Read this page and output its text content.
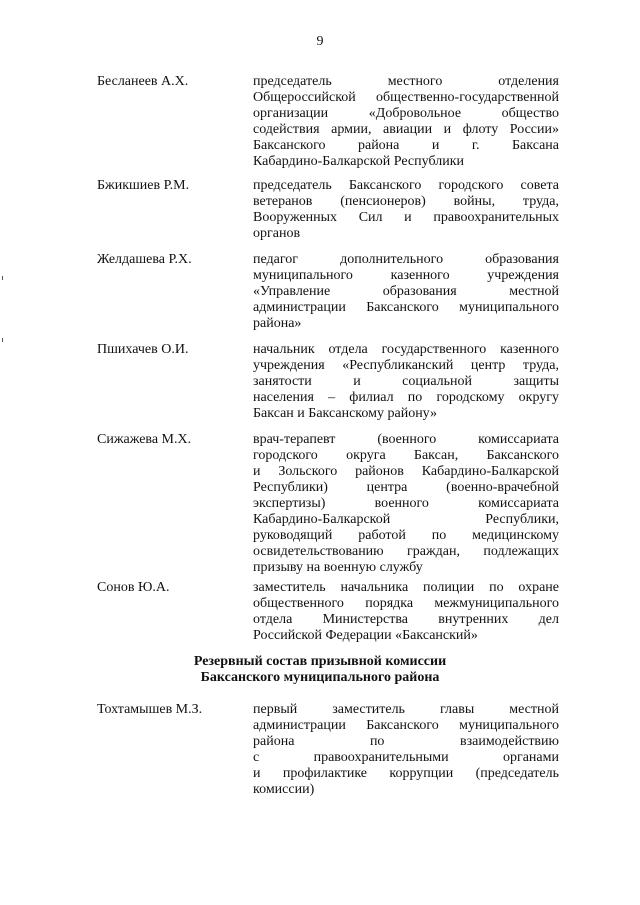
9
Бесланеев А.Х.	председатель местного отделения
Общероссийской общественно-государственной
организации «Добровольное общество
содействия армии, авиации и флоту России»
Баксанского района и г. Баксана
Кабардино-Балкарской Республики
Бжикшиев Р.М.	председатель Баксанского городского совета
ветеранов (пенсионеров) войны, труда,
Вооруженных Сил и правоохранительных
органов
Желдашева Р.Х.	педагог дополнительного образования
муниципального казенного учреждения
«Управление образования местной
администрации Баксанского муниципального
района»
Пшихачев О.И.	начальник отдела государственного казенного
учреждения «Республиканский центр труда,
занятости и социальной защиты
населения – филиал по городскому округу
Баксан и Баксанскому району»
Сижажева М.Х.	врач-терапевт (военного комиссариата
городского округа Баксан, Баксанского
и Зольского районов Кабардино-Балкарской
Республики) центра (военно-врачебной
экспертизы) военного комиссариата
Кабардино-Балкарской Республики,
руководящий работой по медицинскому
освидетельствованию граждан, подлежащих
призыву на военную службу
Сонов Ю.А.	заместитель начальника полиции по охране
общественного порядка межмуниципального
отдела Министерства внутренних дел
Российской Федерации «Баксанский»
Резервный состав призывной комиссии
Баксанского муниципального района
Тохтамышев М.З.	первый заместитель главы местной
администрации Баксанского муниципального
района по взаимодействию
с правоохранительными органами
и профилактике коррупции (председатель
комиссии)
